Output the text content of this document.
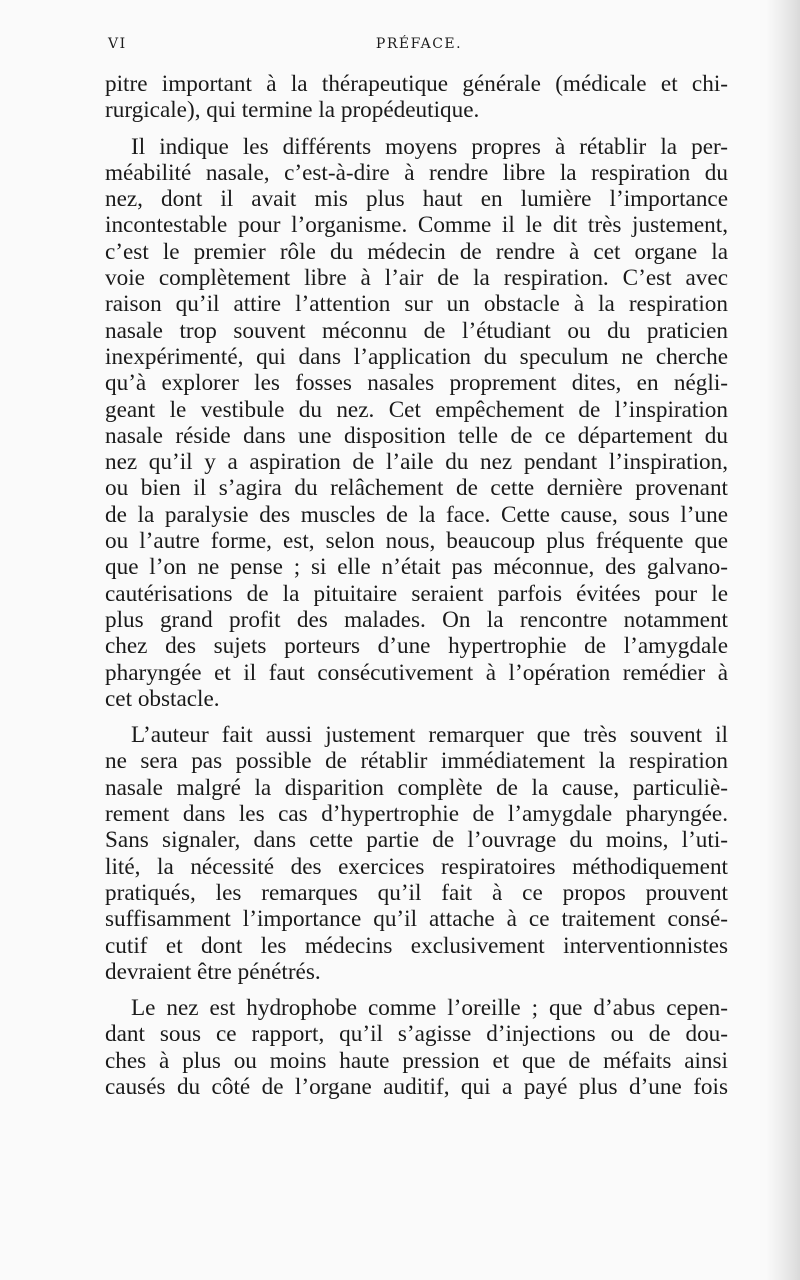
VI	PRÉFACE.

pitre important à la thérapeutique générale (médicale et chi-

rurgicale), qui termine la propédeutique.

Il indique les différents moyens propres à rétablir la per-

méabilité nasale, c’est-à-dire à rendre libre la respiration du

nez, dont il avait mis plus haut en lumière l’importance

incontestable pour l’organisme. Comme il le dit très justement,

c’est le premier rôle du médecin de rendre à cet organe la

voie complètement libre à l’air de la respiration. C’est avec

raison qu’il attire l’attention sur un obstacle à la respiration

nasale trop souvent méconnu de l’étudiant ou du praticien

inexpérimenté, qui dans l’application du speculum ne cherche

qu’à explorer les fosses nasales proprement dites, en négli-

geant le vestibule du nez. Cet empêchement de l’inspiration

nasale réside dans une disposition telle de ce département du

nez qu’il y a aspiration de l’aile du nez pendant l’inspiration,

ou bien il s’agira du relâchement de cette dernière provenant

de la paralysie des muscles de la face. Cette cause, sous l’une

ou l’autre forme, est, selon nous, beaucoup plus fréquente que

que l’on ne pense ; si elle n’était pas méconnue, des galvano-

cautérisations de la pituitaire seraient parfois évitées pour le

plus grand profit des malades. On la rencontre notamment

chez des sujets porteurs d’une hypertrophie de l’amygdale

pharyngée et il faut consécutivement à l’opération remédier à

cet obstacle.

L’auteur fait aussi justement remarquer que très souvent il

ne sera pas possible de rétablir immédiatement la respiration

nasale malgré la disparition complète de la cause, particuliè-

rement dans les cas d’hypertrophie de l’amygdale pharyngée.

Sans signaler, dans cette partie de l’ouvrage du moins, l’uti-

lité, la nécessité des exercices respiratoires méthodiquement

pratiqués, les remarques qu’il fait à ce propos prouvent

suffisamment l’importance qu’il attache à ce traitement consé-

cutif et dont les médecins exclusivement interventionnistes

devraient être pénétrés.

Le nez est hydrophobe comme l’oreille ; que d’abus cepen-

dant sous ce rapport, qu’il s’agisse d’injections ou de dou-

ches à plus ou moins haute pression et que de méfaits ainsi

causés du côté de l’organe auditif, qui a payé plus d’une fois
